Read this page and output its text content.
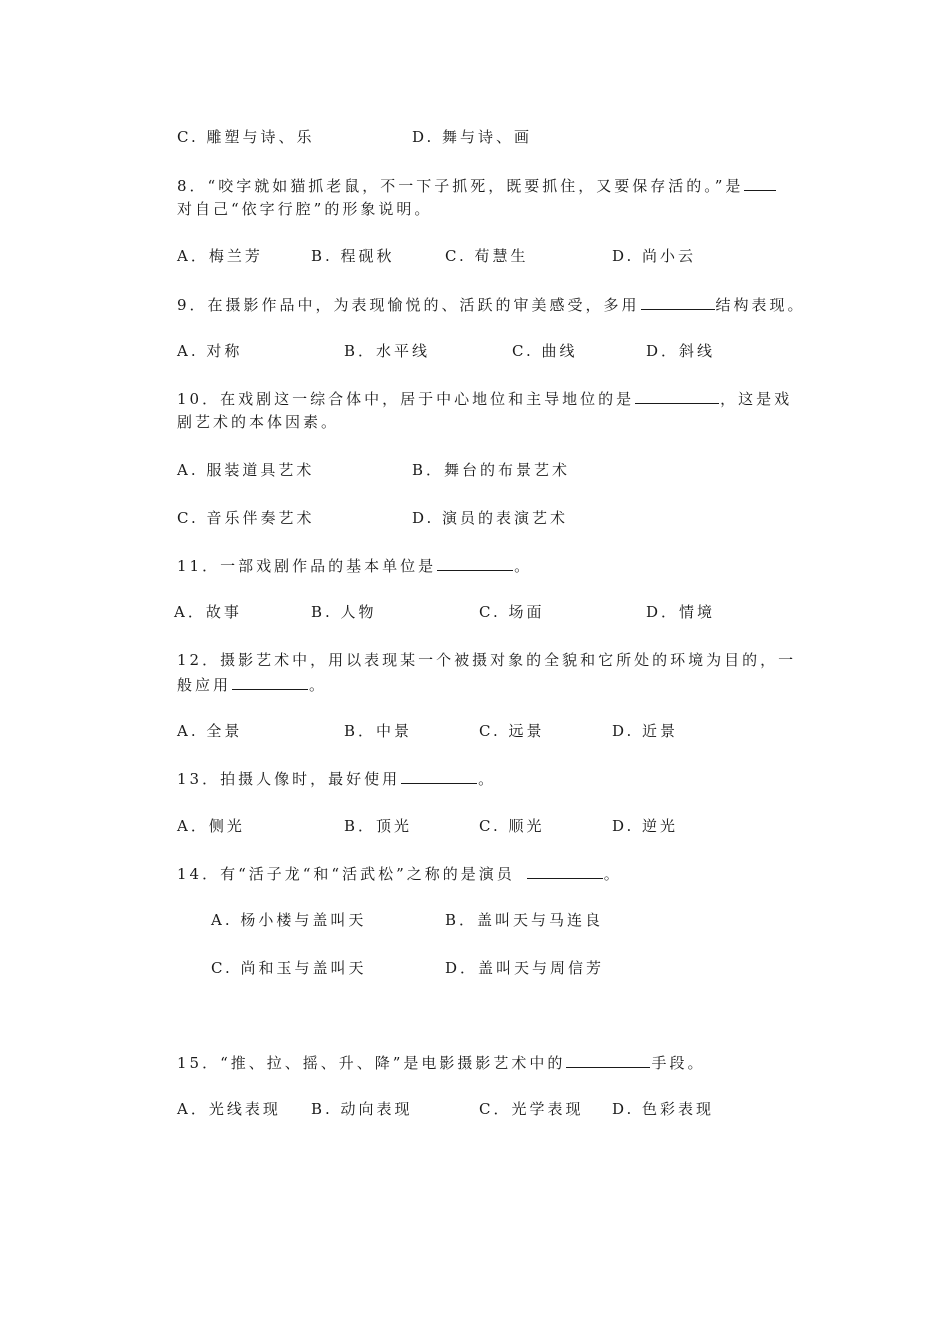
C. 雕塑与诗、乐	D. 舞与诗、画
8．“咬字就如猫抓老鼠，不一下子抓死，既要抓住，又要保存活的。”是
对自己“依字行腔”的形象说明。
A．梅兰芳	B. 程砚秋	C. 荀慧生	D. 尚小云
9．在摄影作品中，为表现愉悦的、活跃的审美感受，多用	结构表现。
A. 对称	B．水平线	C. 曲线	D．斜线
10．在戏剧这一综合体中，居于中心地位和主导地位的是	，这是戏
剧艺术的本体因素。
A. 服装道具艺术	B．舞台的布景艺术
C. 音乐伴奏艺术	D. 演员的表演艺术
11．一部戏剧作品的基本单位是	。
A．故事	B. 人物	C. 场面	D．情境
12．摄影艺术中，用以表现某一个被摄对象的全貌和它所处的环境为目的，一
般应用	。
A. 全景	B．中景	C. 远景	D. 近景
13．拍摄人像时，最好使用	。
A．侧光	B．顶光	C. 顺光	D. 逆光
14．有“活子龙“和“活武松”之称的是演员	。
A. 杨小楼与盖叫天	B．盖叫天与马连良
C. 尚和玉与盖叫天	D．盖叫天与周信芳
15．“推、拉、摇、升、降”是电影摄影艺术中的	手段。
A．光线表现 B. 动向表现	C．光学表现 D. 色彩表现
